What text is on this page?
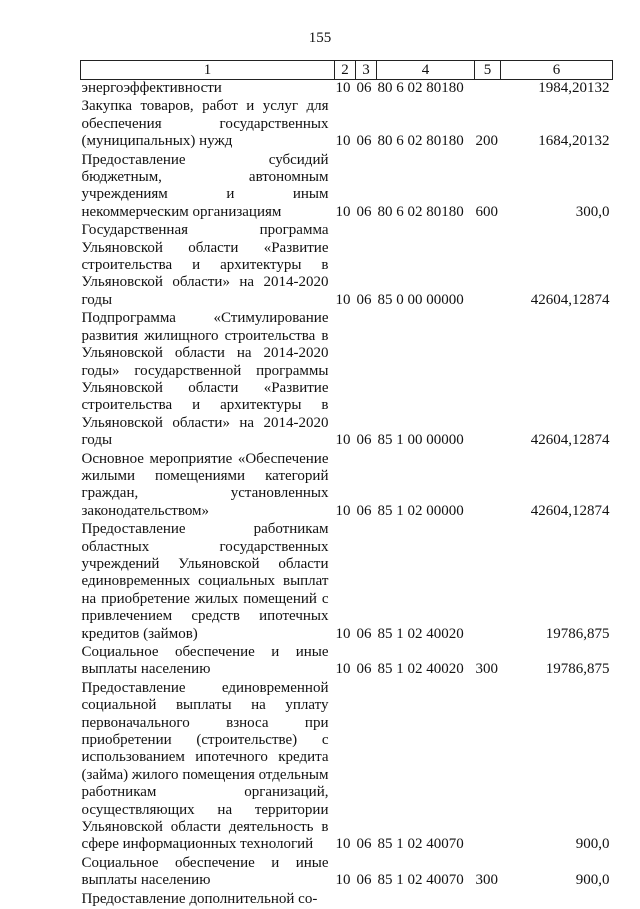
155
1	2	3	4	5	6
энергоэффективности	10	06	80 6 02 80180		1984,20132
Закупка товаров, работ и услуг для обеспечения государственных (муниципальных) нужд	10	06	80 6 02 80180	200	1684,20132
Предоставление субсидий бюджетным, автономным учреждениям и иным некоммерческим организациям	10	06	80 6 02 80180	600	300,0
Государственная программа Ульяновской области «Развитие строительства и архитектуры в Ульяновской области» на 2014-2020 годы	10	06	85 0 00 00000		42604,12874
Подпрограмма «Стимулирование развития жилищного строительства в Ульяновской области на 2014-2020 годы» государственной программы Ульяновской области «Развитие строительства и архитектуры в Ульяновской области» на 2014-2020 годы	10	06	85 1 00 00000		42604,12874
Основное мероприятие «Обеспечение жилыми помещениями категорий граждан, установленных законодательством»	10	06	85 1 02 00000		42604,12874
Предоставление работникам областных государственных учреждений Ульяновской области единовременных социальных выплат на приобретение жилых помещений с привлечением средств ипотечных кредитов (займов)	10	06	85 1 02 40020		19786,875
Социальное обеспечение и иные выплаты населению	10	06	85 1 02 40020	300	19786,875
Предоставление единовременной социальной выплаты на уплату первоначального взноса при приобретении (строительстве) с использованием ипотечного кредита (займа) жилого помещения отдельным работникам организаций, осуществляющих на территории Ульяновской области деятельность в сфере информационных технологий	10	06	85 1 02 40070		900,0
Социальное обеспечение и иные выплаты населению	10	06	85 1 02 40070	300	900,0
Предоставление дополнительной со-					
